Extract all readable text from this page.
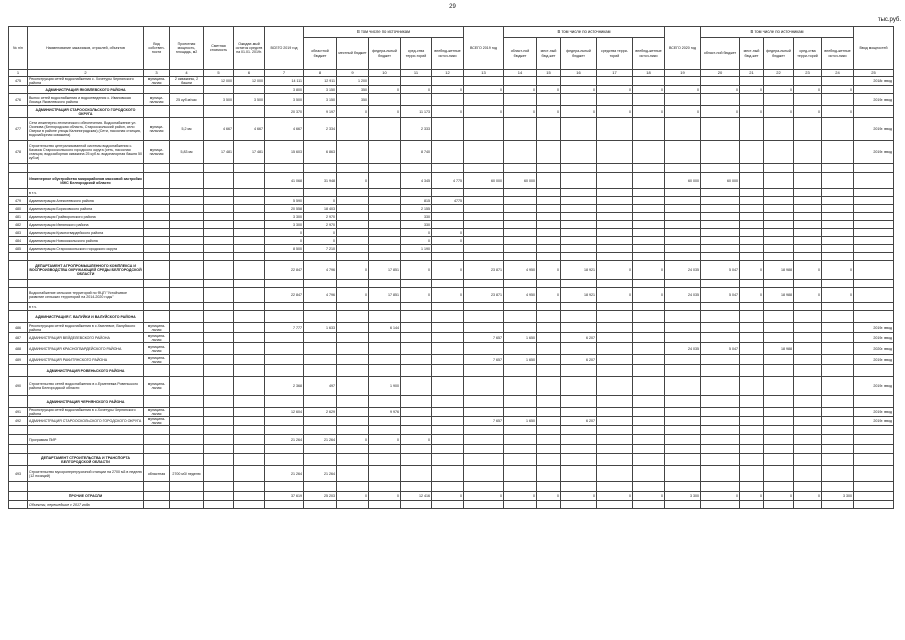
29
тыс.руб.
№ п/п	Наименование заказчиков, отраслей, объектов	Вид собствен-ности	Проектная мощность, площадь, м2	Сметная стоимость	Ожидае-мый остаток средств на 01.01. 2019г.	ВСЕГО 2019 год	В том числе по источникам					ВСЕГО 2019 год	В том числе по источникам					ВСЕГО 2020 год	В том числе по источникам					Ввод мощностей
							областной бюджет	местный бюджет	федера-льный бюджет	сред-ства терри-торий	внебюд-жетные источ-ники		област-ной бюджет	мест-ный бюд-жет	федера-льный бюджет	средства терри-торий	внебюд-жетные источ-ники		област-ной бюджет	мест-ный бюд-жет	федера-льный бюджет	сред-ства терри-торий	внебюд-жетные источ-ники	
1	2	3	4	5	6	7	8	9	10	11	12	13	14	15	16	17	18	19	20	21	22	23	24	25
475	Реконструкция сетей водоснабжения с. Хочетуры Чернянского района	муниципа-льная	2 скважины, 2 башни	12 000	12 000	14 111	12 911	1 200																2018г. ввод
	АДМИНИСТРАЦИЯ ЯКОВЛЕВСКОГО РАЙОНА					3 800	3 150	350	0	0	0	0	0	0	0	0	0	0	0	0	0	0	0	
476	Вынос сетей водоснабжения и водоотведения с. Ивановская Лисица Яковлевского района	муници-пальная	25 куб.м/час	3 500	3 500	3 500	3 150	350																2019г. ввод
	АДМИНИСТРАЦИЯ СТАРООСКОЛЬСКОГО ГОРОДСКОГО ОКРУГА					20 370	9 197	0	0	11 173	0	0	0	0	0	0	0	0	0	0	0	0	0	
477	Сети инженерно-технического обеспечения. Водоснабжение ул. Осипова (Белгородская область, Старооскольский район, село Озерки в районе улицы Калиниградская) (Сети, насосная станция, водозаборная скважина)	муници-пальная	5,2 км	4 667	4 667	4 667	2 334			2 333														2019г. ввод
478	Строительство централизованной системы водоснабжения с. Казачок Старооскольского городского округа (сеть, насосная станция, водозаборная скважина 25 куб.м. водонапорная башня 50 куб.м)	муници-пальная	5,83 км	17 481	17 481	15 603	6 863			8 740														2019г. ввод

	Инженерное обустройство микрорайонов массовой застройки ИЖС Белгородской области					41 068	31 948	0		4 345	4 775	60 000	60 000					60 000	60 000					
	в т.ч.																							
479	Администрация Алексеевского района					5 590	0			815	4775													
480	Администрация Борисовского района					20 558	18 403			2 155														
481	Администрация Грайворонского района					3 300	2 970			330														
482	Администрация Ивнянского района					3 300	2 970			330														
483	Администрация Красногвардейского района					0	0			0	0													
484	Администрация Новооскольского района					0	0			0	0													
485	Администрация Старооскольского городского округа					8 500	7 210			1 190														

	ДЕПАРТАМЕНТ АГРОПРОМЫШЛЕННОГО КОМПЛЕКСА И ВОСПРОИЗВОДСТВА ОКРУЖАЮЩЕЙ СРЕДЫ БЕЛГОРОДСКОЙ ОБЛАСТИ					22 847	4 796	0	17 851	0	0	23 871	4 950	0	18 921	0	0	24 035	5 047	0	18 988	0	0	

	Водоснабжение сельских территорий по ФЦП "Устойчивое развитие сельских территорий на 2014-2020 годы"					22 847	4 796	0	17 851	0	0	23 871	4 950	0	18 921	0	0	24 035	5 047	0	18 988	0	0	
	в т.ч.																							
	АДМИНИСТРАЦИЯ Г. ВАЛУЙКИ И ВАЛУЙСКОГО РАЙОНА																							
486	Реконструкция сетей водоснабжения в с.Хмелевое, Валуйского района	муниципа-льная				7 777	1 633		6 144															2019г. ввод
487	АДМИНИСТРАЦИЯ ВЕЙДЕЛЕВСКОГО РАЙОНА	муниципа-льная										7 657	1 650		6 207									2019г. ввод
488	АДМИНИСТРАЦИЯ КРАСНОГВАРДЕЙСКОГО РАЙОНА	муниципа-льная																24 035	5 047		18 988			2020г. ввод
489	АДМИНИСТРАЦИЯ РАКИТЯНСКОГО РАЙОНА	муниципа-льная										7 657	1 650		6 207									2019г. ввод
	АДМИНИСТРАЦИЯ РОВЕНЬСКОГО РАЙОНА																							
490	Строительство сетей водоснабжения в с.Ерменевка Ровеньского района Белгородской области	муниципа-льная				2 368	497		1 900															2019г. ввод
	АДМИНИСТРАЦИЯ ЧЕРНЯНСКОГО РАЙОНА																							
491	Реконструкция сетей водоснабжения в с.Хочетуры Чернянского района	муниципа-льная				12 604	2 629		9 976															2019г. ввод
492	АДМИНИСТРАЦИЯ СТАРООСКОЛЬСКОГО ГОРОДСКОГО ОКРУГА	муниципа-льная										7 657	1 650		6 207									2019г. ввод

	Программа ПИР					21 264	21 264	0	0	0														

	ДЕПАРТАМЕНТ СТРОИТЕЛЬСТВА И ТРАНСПОРТА БЕЛГОРОДСКОЙ ОБЛАСТИ																							
493	Строительство мусороперегрузочной станции на 2700 м3 в неделю (12 позиций)	областная	2700 м3/ неделю			21 264	21 264																	

	ПРОЧИЕ ОТРАСЛИ					37 619	25 203	0	0	12 416	0	0	0	0	0	0	0	3 300	0	0	0	0	3 300	
	Объекты, перешедшие с 2017 года																							
